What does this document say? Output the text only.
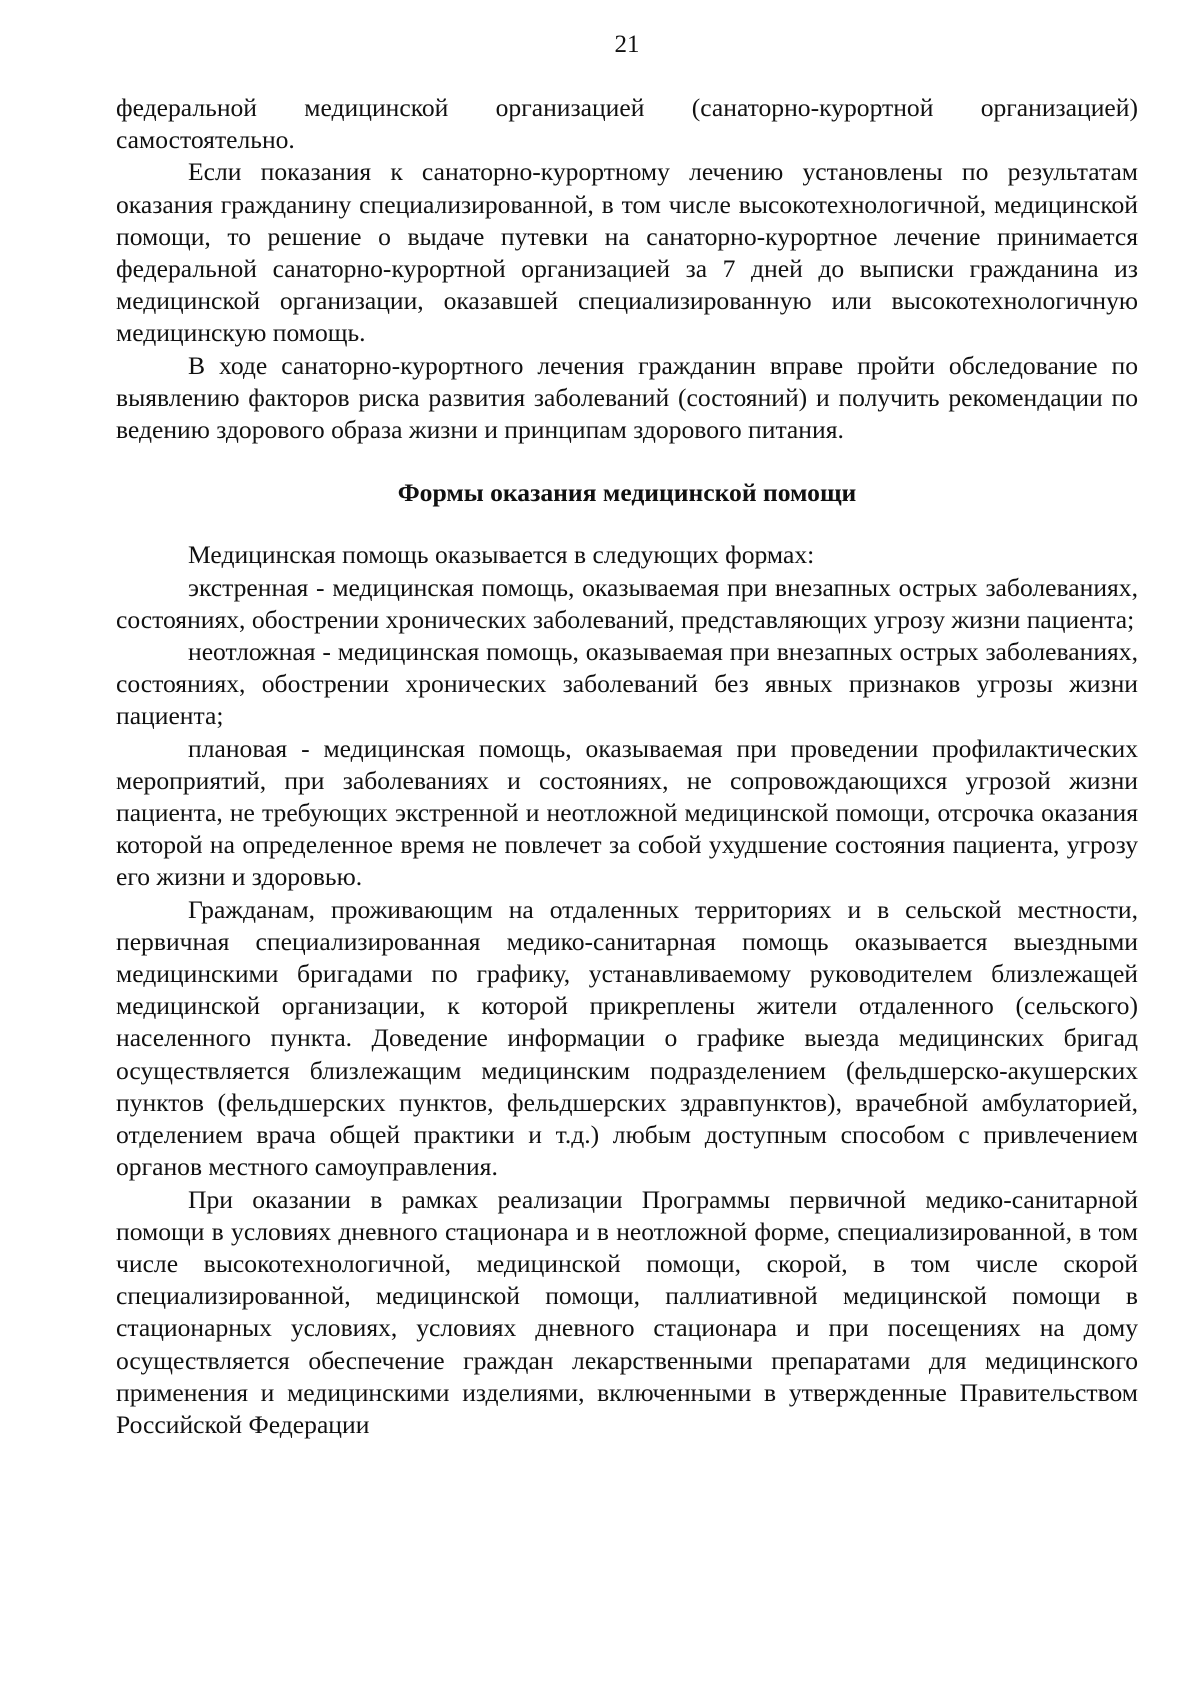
21

федеральной медицинской организацией (санаторно-курортной организацией) самостоятельно.

Если показания к санаторно-курортному лечению установлены по результатам оказания гражданину специализированной, в том числе высокотехнологичной, медицинской помощи, то решение о выдаче путевки на санаторно-курортное лечение принимается федеральной санаторно-курортной организацией за 7 дней до выписки гражданина из медицинской организации, оказавшей специализированную или высокотехнологичную медицинскую помощь.

В ходе санаторно-курортного лечения гражданин вправе пройти обследование по выявлению факторов риска развития заболеваний (состояний) и получить рекомендации по ведению здорового образа жизни и принципам здорового питания.

Формы оказания медицинской помощи

Медицинская помощь оказывается в следующих формах:

экстренная - медицинская помощь, оказываемая при внезапных острых заболеваниях, состояниях, обострении хронических заболеваний, представляющих угрозу жизни пациента;

неотложная - медицинская помощь, оказываемая при внезапных острых заболеваниях, состояниях, обострении хронических заболеваний без явных признаков угрозы жизни пациента;

плановая - медицинская помощь, оказываемая при проведении профилактических мероприятий, при заболеваниях и состояниях, не сопровождающихся угрозой жизни пациента, не требующих экстренной и неотложной медицинской помощи, отсрочка оказания которой на определенное время не повлечет за собой ухудшение состояния пациента, угрозу его жизни и здоровью.

Гражданам, проживающим на отдаленных территориях и в сельской местности, первичная специализированная медико-санитарная помощь оказывается выездными медицинскими бригадами по графику, устанавливаемому руководителем близлежащей медицинской организации, к которой прикреплены жители отдаленного (сельского) населенного пункта. Доведение информации о графике выезда медицинских бригад осуществляется близлежащим медицинским подразделением (фельдшерско-акушерских пунктов (фельдшерских пунктов, фельдшерских здравпунктов), врачебной амбулаторией, отделением врача общей практики и т.д.) любым доступным способом с привлечением органов местного самоуправления.

При оказании в рамках реализации Программы первичной медико-санитарной помощи в условиях дневного стационара и в неотложной форме, специализированной, в том числе высокотехнологичной, медицинской помощи, скорой, в том числе скорой специализированной, медицинской помощи, паллиативной медицинской помощи в стационарных условиях, условиях дневного стационара и при посещениях на дому осуществляется обеспечение граждан лекарственными препаратами для медицинского применения и медицинскими изделиями, включенными в утвержденные Правительством Российской Федерации
